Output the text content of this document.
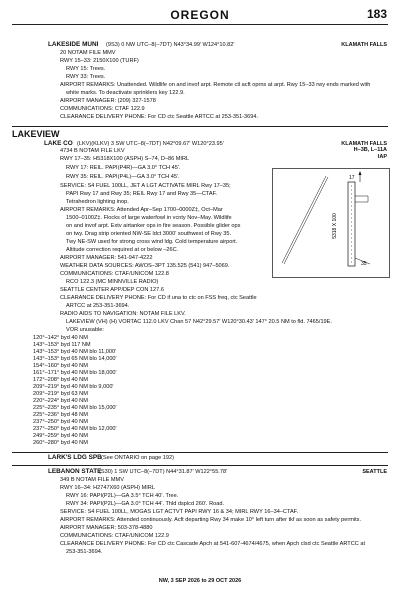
OREGON	183
LAKESIDE MUNI (9S3) 0 NW UTC–8(–7DT) N43°34.99′ W124°10.82′	KLAMATH FALLS
20 NOTAM FILE MMV
RWY 15–33: 2150X100 (TURF)
RWY 15: Trees.
RWY 33: Trees.
AIRPORT REMARKS: Unattended. Wildlife on and invof arpt. Remote ctl acft oprns at arpt. Rwy 15–33 rwy ends marked with
white marks. To deactivate sprinklers key 122.9.
AIRPORT MANAGER: (209) 327-1578
COMMUNICATIONS: CTAF 122.9
CLEARANCE DELIVERY PHONE: For CD ctc Seattle ARTCC at 253-351-3694.
LAKEVIEW
LAKE CO (LKV)(KLKV) 3 SW UTC–8(–7DT) N42°09.67′ W120°23.95′	KLAMATH FALLS
H–3B, L–11A
IAP
4734 B NOTAM FILE LKV
RWY 17–35: H5318X100 (ASPH) S–74, D–86 MIRL
RWY 17: REIL. PAPI(P4R)—GA 3.0° TCH 45′.
RWY 35: REIL. PAPI(P4L)—GA 3.0° TCH 45′.
SERVICE: S4 FUEL 100LL, JET A LGT ACTIVATE MIRL Rwy 17–35;
PAPI Rwy 17 and Rwy 35; REIL Rwy 17 and Rwy 35—CTAF.
Tetrahedron lighting inop.
AIRPORT REMARKS: Attended Apr–Sep 1700–0000Z‡, Oct–Mar
1500–0100Z‡. Flocks of large waterfowl in vcnty Nov–May. Wildlife
on and invof arpt. Extv airtanker ops in fire season. Possible glider ops
on twy. Drag strip oriented NW-SE ldct 3000′ southwest of Rwy 35.
Twy NE-SW used for strong cross wind ldg. Cold temperature airport.
Altitude correction required at or below –26C.
AIRPORT MANAGER: 541-947-4222
WEATHER DATA SOURCES: AWOS–3PT 135.525 (541) 947–5069.
COMMUNICATIONS: CTAF/UNICOM 122.8
RCO 122.3 (MC MINNVILLE RADIO)
SEATTLE CENTER APP/DEP CON 127.6
CLEARANCE DELIVERY PHONE: For CD if una to ctc on FSS freq, ctc Seattle
ARTCC at 253-351-3694.
RADIO AIDS TO NAVIGATION: NOTAM FILE LKV.
LAKEVIEW (VH) (H) VORTAC 112.0 LKV Chan 57 N42°29.57′ W120°30.43′ 147° 20.5 NM to fld. 7465/19E.
VOR unusable:
120°–142° byd 40 NM
143°–153° byd 117 NM
143°–153° byd 40 NM blo 11,000′
143°–153° byd 65 NM blo 14,000′
154°–160° byd 40 NM
161°–171° byd 40 NM blo 18,000′
172°–208° byd 40 NM
209°–219° byd 40 NM blo 9,000′
209°–219° byd 63 NM
220°–224° byd 40 NM
225°–235° byd 40 NM blo 15,000′
225°–236° byd 48 NM
237°–250° byd 40 NM
237°–250° byd 40 NM blo 12,000′
249°–259° byd 40 NM
260°–280° byd 40 NM
5318 X 100
17
35
LARK'S LDG SPB (See ONTARIO on page 192)
LEBANON STATE
(S30) 1 SW UTC–8(–7DT) N44°31.87′ W122°55.78′	SEATTLE
349 B NOTAM FILE MMV
RWY 16–34: H2747X60 (ASPH) MIRL
RWY 16: PAPI(P2L)—GA 3.5° TCH 40′. Tree.
RWY 34: PAPI(P2L)—GA 3.0° TCH 44′. Thld dsplcd 260′. Road.
SERVICE: S4 FUEL 100LL, MOGAS LGT ACTVT PAPI RWY 16 & 34; MIRL RWY 16–34–CTAF.
AIRPORT REMARKS: Attended continuously. Acft departing Rwy 34 make 10° left turn after tkf as soon as safety permits.
AIRPORT MANAGER: 503-378-4880
COMMUNICATIONS: CTAF/UNICOM 122.9
CLEARANCE DELIVERY PHONE: For CD ctc Cascade Apch at 541-607-4674/4675, when Apch clsd ctc Seattle ARTCC at
253-351-3694.
NW, 3 SEP 2026 to 29 OCT 2026
